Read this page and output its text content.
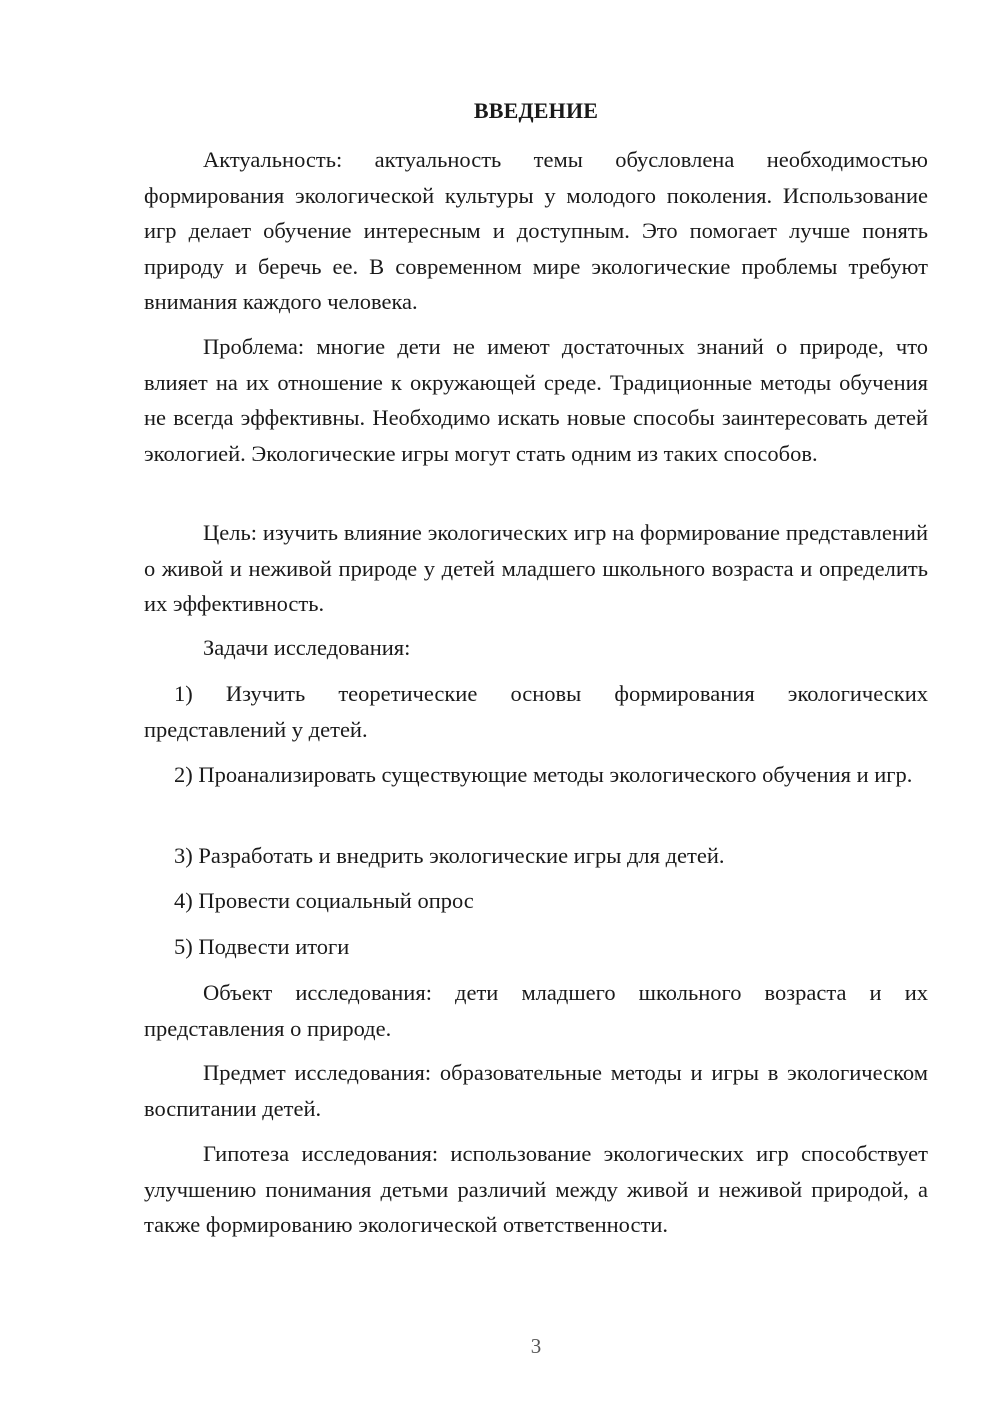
ВВЕДЕНИЕ

Актуальность: актуальность темы обусловлена необходимостью формирования экологической культуры у молодого поколения. Использование игр делает обучение интересным и доступным. Это помогает лучше понять природу и беречь ее. В современном мире экологические проблемы требуют внимания каждого человека.

Проблема: многие дети не имеют достаточных знаний о природе, что влияет на их отношение к окружающей среде. Традиционные методы обучения не всегда эффективны. Необходимо искать новые способы заинтересовать детей экологией. Экологические игры могут стать одним из таких способов.

Цель: изучить влияние экологических игр на формирование представлений о живой и неживой природе у детей младшего школьного возраста и определить их эффективность.

Задачи исследования:

1) Изучить теоретические основы формирования экологических представлений у детей.

2) Проанализировать существующие методы экологического обучения и игр.

3) Разработать и внедрить экологические игры для детей.

4) Провести социальный опрос

5) Подвести итоги

Объект исследования: дети младшего школьного возраста и их представления о природе.

Предмет исследования: образовательные методы и игры в экологическом воспитании детей.

Гипотеза исследования: использование экологических игр способствует улучшению понимания детьми различий между живой и неживой природой, а также формированию экологической ответственности.

3
